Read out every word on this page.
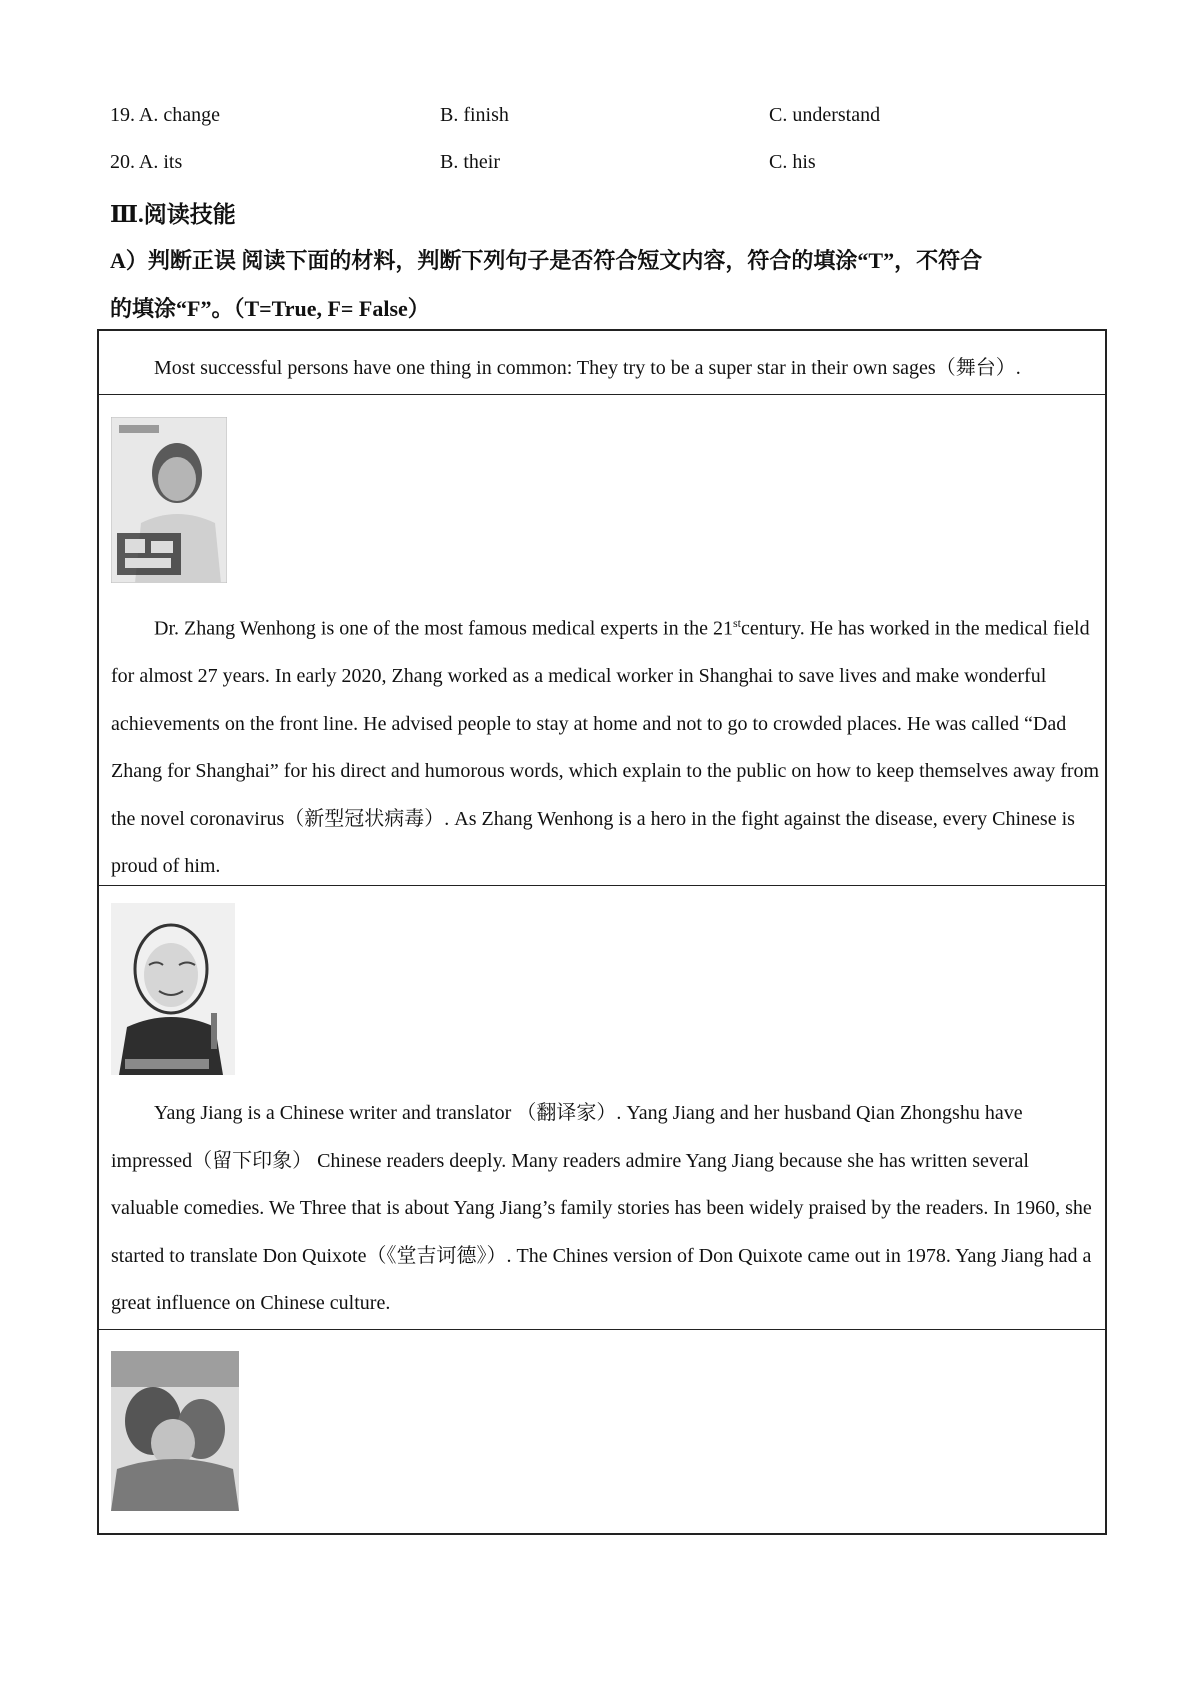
19. A. change	B. finish	C. understand
20. A. its	B. their	C. his
Ⅲ.阅读技能
A）判断正误 阅读下面的材料，判断下列句子是否符合短文内容，符合的填涂“T”，不符合
的填涂“F”。（T=True, F= False）
Most successful persons have one thing in common: They try to be a super star in their own sages（舞台）.

Dr. Zhang Wenhong is one of the most famous medical experts in the 21stcentury. He has worked in the medical field for almost 27 years. In early 2020, Zhang worked as a medical worker in Shanghai to save lives and make wonderful achievements on the front line. He advised people to stay at home and not to go to crowded places. He was called “Dad Zhang for Shanghai” for his direct and humorous words, which explain to the public on how to keep themselves away from the novel coronavirus（新型冠状病毒）. As Zhang Wenhong is a hero in the fight against the disease, every Chinese is proud of him.

Yang Jiang is a Chinese writer and translator （翻译家）. Yang Jiang and her husband Qian Zhongshu have impressed（留下印象） Chinese readers deeply. Many readers admire Yang Jiang because she has written several valuable comedies. We Three that is about Yang Jiang’s family stories has been widely praised by the readers. In 1960, she started to translate Don Quixote（《堂吉诃德》）. The Chines version of Don Quixote came out in 1978. Yang Jiang had a great influence on Chinese culture.
